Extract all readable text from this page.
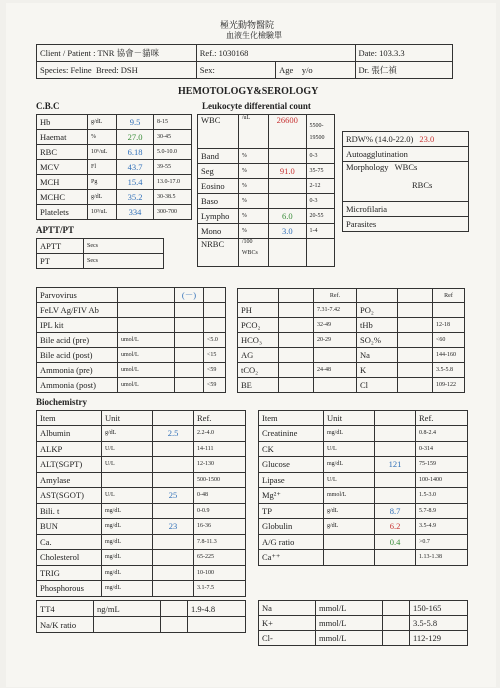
極光動物醫院
血液生化檢驗單
Client / Patient : TNR 協會－貓咪	Ref.: 1030168		Date: 103.3.3
Species: Feline Breed: DSH	Sex:	Age y/o	Dr. 張仁禎
HEMOTOLOGY&SEROLOGY
C.B.C	Leukocyte differential count
Hb	g/dL	9.5	8-15
Haemat	%	27.0	30-45
RBC	10⁶/uL	6.18	5.0-10.0
MCV	Fl	43.7	39-55
MCH	Pg	15.4	13.0-17.0
MCHC	g/dL	35.2	30-38.5
Platelets	10³/uL	334	300-700
WBC	/uL	26600	5500-
19500

Band	%		0-3
Seg	%	91.0	35-75
Eosino	%		2-12
Baso	%		0-3
Lympho	%	6.0	20-55
Mono	%	3.0	1-4
NRBC	/100
WBCs		

RDW% (14.0-22.0) 23.0
Autoagglutination

Morphology WBCs
RBCs

Microfilaria
Parasites
APTT/PT
APTT	Secs
PT	Secs
Parvovirus		(－)	
FeLV Ag/FIV Ab			
IPL kit			
Bile acid (pre)	umol/L		<5.0
Bile acid (post)	umol/L		<15
Ammonia (pre)	umol/L		<59
Ammonia (post)	umol/L		<59
		Ref.			Ref
PH		7.31-7.42	PO₂		
PCO₂		32-49	tHb		12-18
HCO₃		20-29	SO₂%		<60
AG			Na		144-160
tCO₂		24-48	K		3.5-5.8
BE			Cl		109-122
Biochemistry
Item	Unit		Ref.
Albumin	g/dL	2.5	2.2-4.0
ALKP	U/L		14-111
ALT(SGPT)	U/L		12-130
Amylase			500-1500
AST(SGOT)	U/L	25	0-48
Bili. t	mg/dL		0-0.9
BUN	mg/dL	23	16-36
Ca.	mg/dL		7.8-11.3
Cholesterol	mg/dL		65-225
TRIG	mg/dL		10-100
Phosphorous	mg/dL		3.1-7.5
Item	Unit		Ref.
Creatinine	mg/dL		0.8-2.4
CK	U/L		0-314
Glucose	mg/dL	121	75-159
Lipase	U/L		100-1400
Mg²⁺	mmol/L		1.5-3.0
TP	g/dL	8.7	5.7-8.9
Globulin	g/dL	6.2	3.5-4.9
A/G ratio		0.4	>0.7
Ca⁺⁺			1.13-1.38
TT4	ng/mL		1.9-4.8
Na/K ratio			
Na	mmol/L		150-165
K+	mmol/L		3.5-5.8
Cl-	mmol/L		112-129
